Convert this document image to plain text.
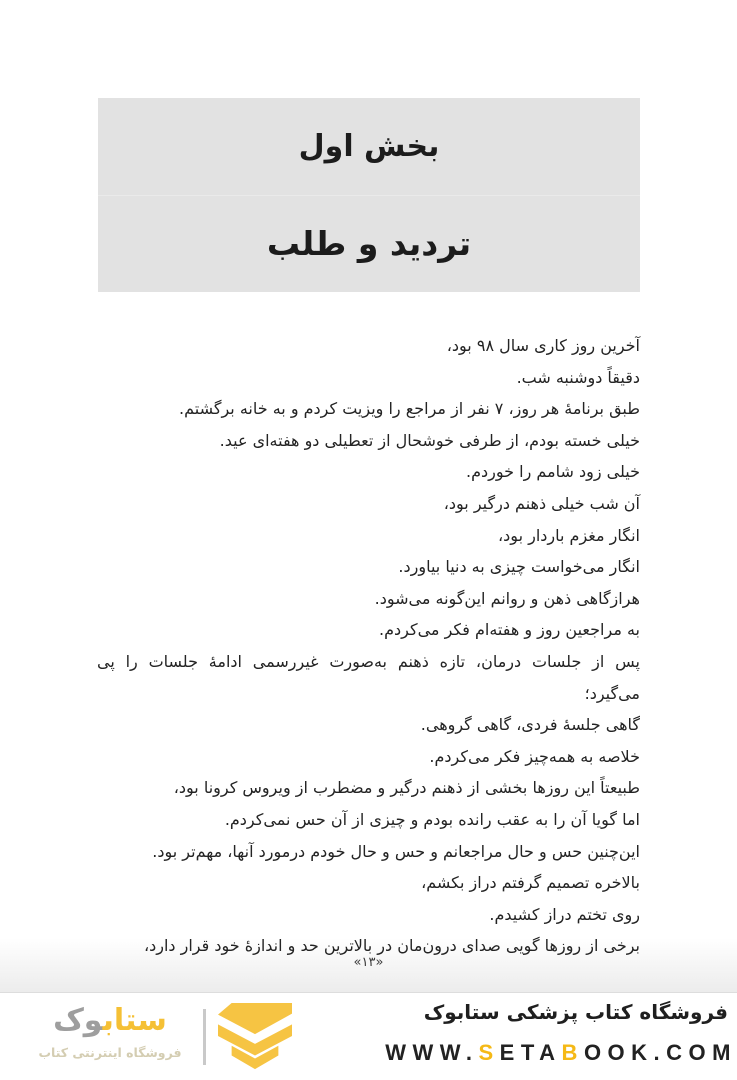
بخش اول
تردید و طلب
آخرین روز کاری سال ۹۸ بود،
دقیقاً دوشنبه شب.
طبق برنامهٔ هر روز، ۷ نفر از مراجع را ویزیت کردم و به خانه برگشتم.
خیلی خسته بودم، از طرفی خوشحال از تعطیلی دو هفته‌ای عید.
خیلی زود شامم را خوردم.
آن شب خیلی ذهنم درگیر بود،
انگار مغزم باردار بود،
انگار می‌خواست چیزی به دنیا بیاورد.
هرازگاهی ذهن و روانم این‌گونه می‌شود.
به مراجعین روز و هفته‌ام فکر می‌کردم.
پس از جلسات درمان، تازه ذهنم به‌صورت غیررسمی ادامهٔ جلسات را پی
می‌گیرد؛
گاهی جلسهٔ فردی، گاهی گروهی.
خلاصه به همه‌چیز فکر می‌کردم.
طبیعتاً این روزها بخشی از ذهنم درگیر و مضطرب از ویروس کرونا بود،
اما گویا آن را به عقب رانده بودم و چیزی از آن حس نمی‌کردم.
این‌چنین حس و حال مراجعانم و حس و حال خودم درمورد آنها، مهم‌تر بود.
بالاخره تصمیم گرفتم دراز بکشم،
روی تختم دراز کشیدم.
برخی از روزها گویی صدای درون‌مان در بالاترین حد و اندازهٔ خود قرار دارد،
«۱۳»
فروشگاه کتاب پزشکی ستابوک
WWW.SETABOOK.COM
ستابوک
فروشگاه اینترنتی کتاب
